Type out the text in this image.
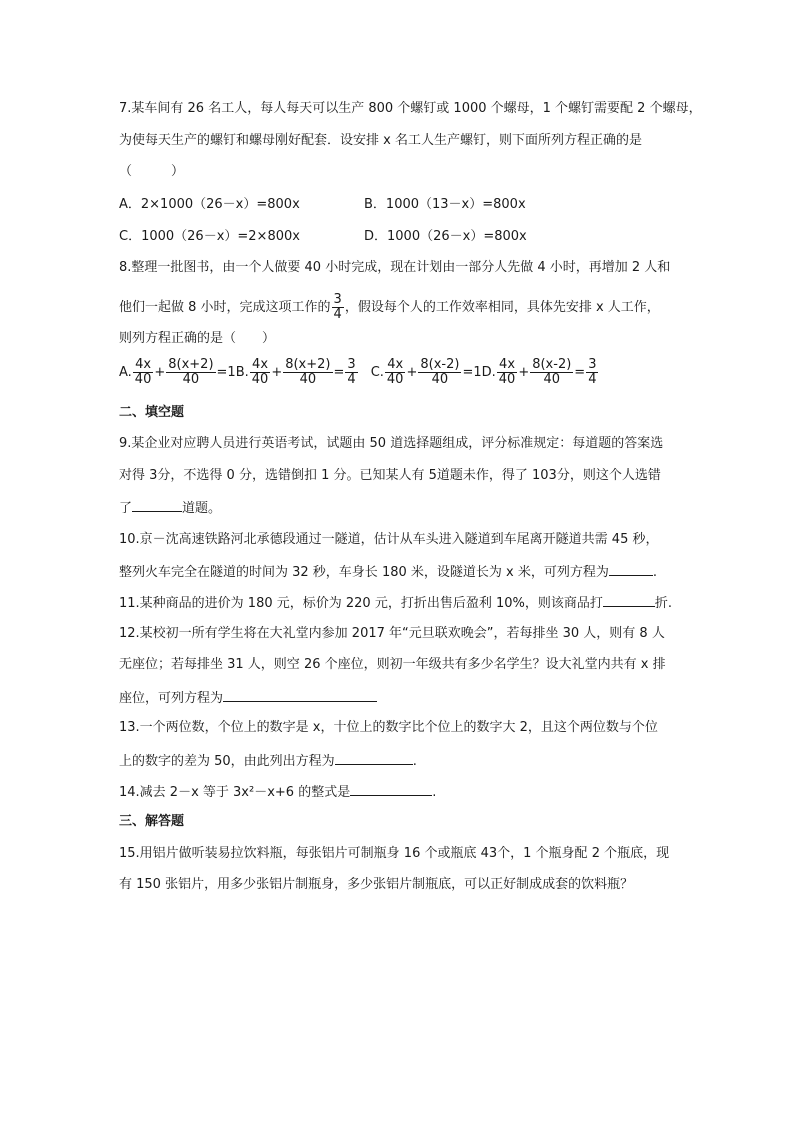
7.某车间有 26 名工人，每人每天可以生产 800 个螺钉或 1000 个螺母，1 个螺钉需要配 2 个螺母，
为使每天生产的螺钉和螺母刚好配套．设安排 x 名工人生产螺钉，则下面所列方程正确的是
（　　　）
A．2×1000（26－x）=800x	B．1000（13－x）=800x
C．1000（26－x）=2×800x	D．1000（26－x）=800x
8.整理一批图书，由一个人做要 40 小时完成，现在计划由一部分人先做 4 小时，再增加 2 人和
他们一起做 8 小时，完成这项工作的 $\frac{3}{4}$ ，假设每个人的工作效率相同，具体先安排 x 人工作，
则列方程正确的是（　　）
A. $\frac{4x}{40} + \frac{8(x+2)}{40} =1B$. $\frac{4x}{40} + \frac{8(x+2)}{40} = \frac{3}{4} C$. $\frac{4x}{40} + \frac{8(x-2)}{40} =1D$. $\frac{4x}{40} + \frac{8(x-2)}{40} = \frac{3}{4}$
二、填空题
9.某企业对应聘人员进行英语考试，试题由 50 道选择题组成，评分标准规定：每道题的答案选
对得 3分，不选得 0 分，选错倒扣 1 分。已知某人有 5道题未作，得了 103分，则这个人选错
了	道题。
10.京－沈高速铁路河北承德段通过一隧道，估计从车头进入隧道到车尾离开隧道共需 45 秒，
整列火车完全在隧道的时间为 32 秒，车身长 180 米，设隧道长为 x 米，可列方程为	.
11.某种商品的进价为 180 元，标价为 220 元，打折出售后盈利 10%，则该商品打	折.
12.某校初一所有学生将在大礼堂内参加 2017 年“元旦联欢晚会”，若每排坐 30 人，则有 8 人
无座位；若每排坐 31 人，则空 26 个座位，则初一年级共有多少名学生？设大礼堂内共有 x 排
座位，可列方程为
13.一个两位数，个位上的数字是 x，十位上的数字比个位上的数字大 2，且这个两位数与个位
上的数字的差为 50，由此列出方程为	.
14.减去 2－x 等于 3x²－x+6 的整式是	.
三、解答题
15.用铝片做听装易拉饮料瓶，每张铝片可制瓶身 16 个或瓶底 43个，1 个瓶身配 2 个瓶底，现
有 150 张铝片，用多少张铝片制瓶身，多少张铝片制瓶底，可以正好制成成套的饮料瓶？
